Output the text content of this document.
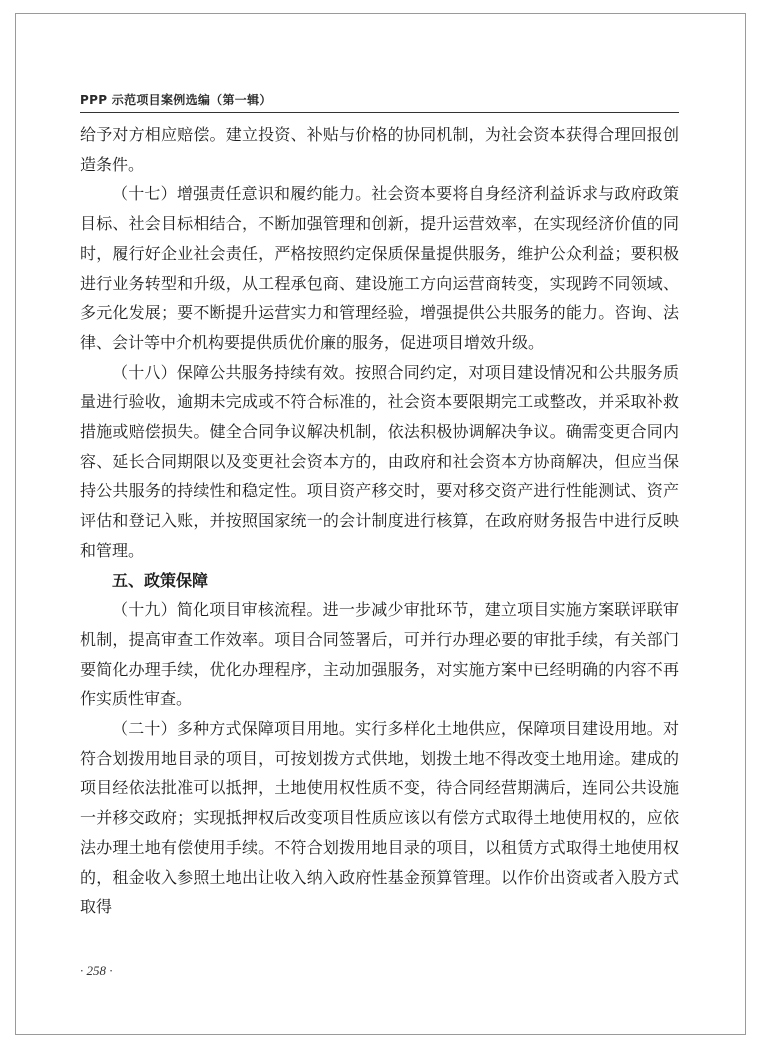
PPP 示范项目案例选编（第一辑）

给予对方相应赔偿。建立投资、补贴与价格的协同机制，为社会资本获得合理回报创造条件。

（十七）增强责任意识和履约能力。社会资本要将自身经济利益诉求与政府政策目标、社会目标相结合，不断加强管理和创新，提升运营效率，在实现经济价值的同时，履行好企业社会责任，严格按照约定保质保量提供服务，维护公众利益；要积极进行业务转型和升级，从工程承包商、建设施工方向运营商转变，实现跨不同领域、多元化发展；要不断提升运营实力和管理经验，增强提供公共服务的能力。咨询、法律、会计等中介机构要提供质优价廉的服务，促进项目增效升级。

（十八）保障公共服务持续有效。按照合同约定，对项目建设情况和公共服务质量进行验收，逾期未完成或不符合标准的，社会资本要限期完工或整改，并采取补救措施或赔偿损失。健全合同争议解决机制，依法积极协调解决争议。确需变更合同内容、延长合同期限以及变更社会资本方的，由政府和社会资本方协商解决，但应当保持公共服务的持续性和稳定性。项目资产移交时，要对移交资产进行性能测试、资产评估和登记入账，并按照国家统一的会计制度进行核算，在政府财务报告中进行反映和管理。

五、政策保障

（十九）简化项目审核流程。进一步减少审批环节，建立项目实施方案联评联审机制，提高审查工作效率。项目合同签署后，可并行办理必要的审批手续，有关部门要简化办理手续，优化办理程序，主动加强服务，对实施方案中已经明确的内容不再作实质性审查。

（二十）多种方式保障项目用地。实行多样化土地供应，保障项目建设用地。对符合划拨用地目录的项目，可按划拨方式供地，划拨土地不得改变土地用途。建成的项目经依法批准可以抵押，土地使用权性质不变，待合同经营期满后，连同公共设施一并移交政府；实现抵押权后改变项目性质应该以有偿方式取得土地使用权的，应依法办理土地有偿使用手续。不符合划拨用地目录的项目，以租赁方式取得土地使用权的，租金收入参照土地出让收入纳入政府性基金预算管理。以作价出资或者入股方式取得

· 258 ·
